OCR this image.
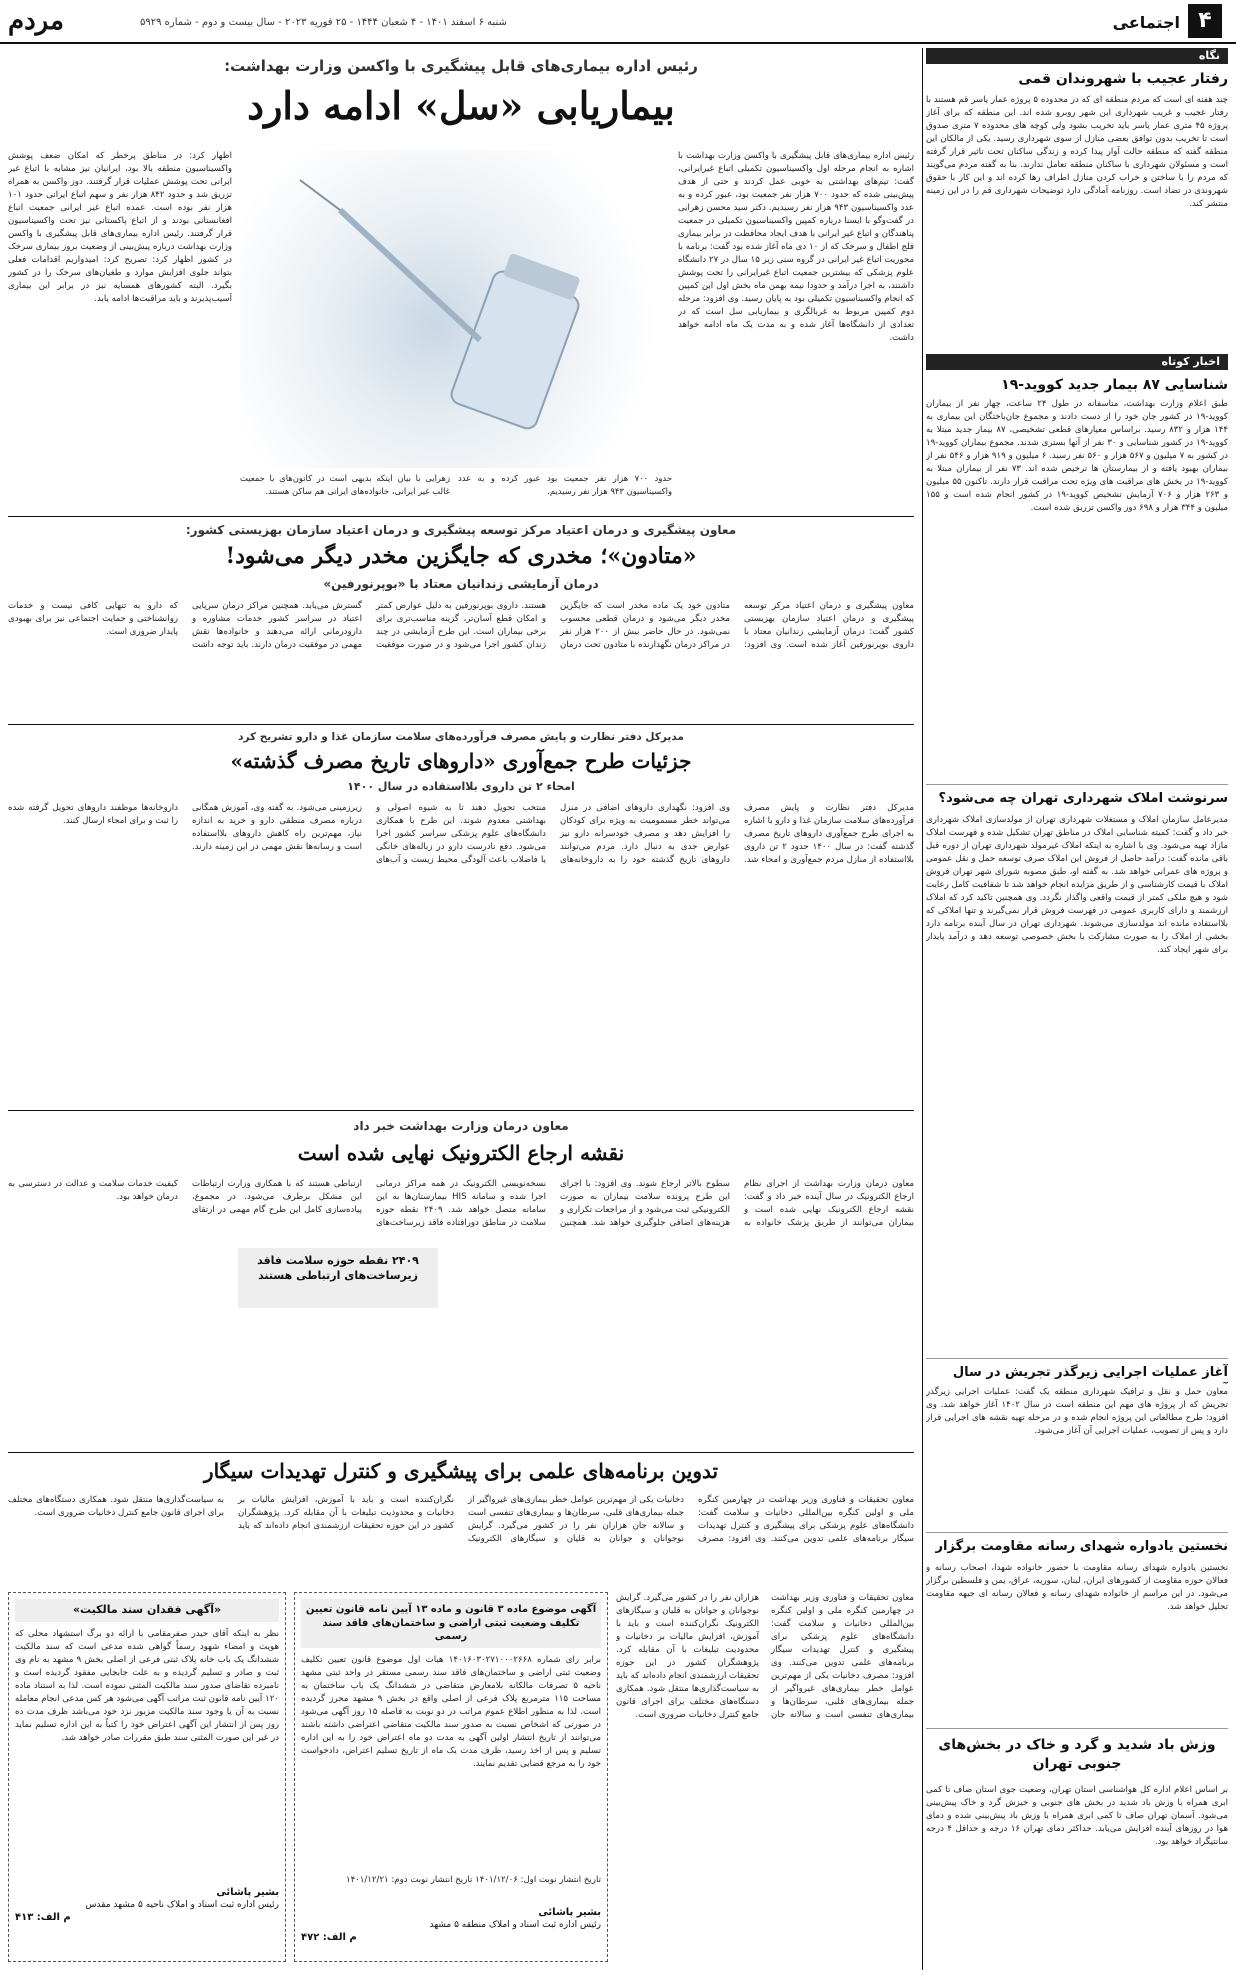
مردم	شنبه ۶ اسفند ۱۴۰۱ - ۴ شعبان ۱۴۴۴ - ۲۵ فوریه ۲۰۲۳ - سال بیست و دوم - شماره ۵۹۲۹	۴
اجتماعی
نگاه
رفتار عجیب با شهروندان قمی
چند هفته ای است که مردم منطقه ای که در محدوده ۵ پروژه عمار یاسر قم هستند با رفتار عجیب و غریب شهرداری این شهر روبرو شده اند. این منطقه که برای آغاز پروژه ۴۵ متری عمار یاسر باید تخریب بشود ولی کوچه های محدوده ۷ متری صدوق است تا تخریب بدون توافق بعضی منازل از سوی شهرداری رسید. یکی از مالکان این منطقه گفته که منطقه حالت آوار پیدا کرده و زندگی ساکنان تحت تاثیر قرار گرفته است و مسئولان شهرداری با ساکنان منطقه تعامل ندارند. بنا به گفته مردم می‌گویند که مردم را با ساختن و خراب کردن منازل اطراف رها کرده اند و این کار با حقوق شهروندی در تضاد است. روزنامه آمادگی دارد توضیحات شهرداری قم را در این زمینه منتشر کند.
اخبار کوتاه
شناسایی ۸۷ بیمار جدید کووید-۱۹
طبق اعلام وزارت بهداشت، متاسفانه در طول ۲۴ ساعت، چهار نفر از بیماران کووید-۱۹ در کشور جان خود را از دست دادند و مجموع جان‌باختگان این بیماری به ۱۴۴ هزار و ۸۳۲ رسید. براساس معیارهای قطعی تشخیصی، ۸۷ بیمار جدید مبتلا به کووید-۱۹ در کشور شناسایی و ۳۰ نفر از آنها بستری شدند. مجموع بیماران کووید-۱۹ در کشور به ۷ میلیون و ۵۶۷ هزار و ۵۶۰ نفر رسید. ۶ میلیون و ۹۱۹ هزار و ۵۴۶ نفر از بیماران بهبود یافته و از بیمارستان ها ترخیص شده اند. ۷۳ نفر از بیماران مبتلا به کووید-۱۹ در بخش های مراقبت های ویژه تحت مراقبت قرار دارند. تاکنون ۵۵ میلیون و ۲۶۳ هزار و ۷۰۶ آزمایش تشخیص کووید-۱۹ در کشور انجام شده است و ۱۵۵ میلیون و ۳۴۴ هزار و ۶۹۸ دوز واکسن تزریق شده است.
سرنوشت املاک شهرداری تهران چه می‌شود؟
مدیرعامل سازمان املاک و مستغلات شهرداری تهران از مولدسازی املاک شهرداری خبر داد و گفت: کمیته شناسایی املاک در مناطق تهران تشکیل شده و فهرست املاک مازاد تهیه می‌شود. وی با اشاره به اینکه املاک غیرمولد شهرداری تهران از دوره قبل باقی مانده گفت: درآمد حاصل از فروش این املاک صرف توسعه حمل و نقل عمومی و پروژه های عمرانی خواهد شد. به گفته او، طبق مصوبه شورای شهر تهران فروش املاک با قیمت کارشناسی و از طریق مزایده انجام خواهد شد تا شفافیت کامل رعایت شود و هیچ ملکی کمتر از قیمت واقعی واگذار نگردد. وی همچنین تاکید کرد که املاک ارزشمند و دارای کاربری عمومی در فهرست فروش قرار نمی‌گیرند و تنها املاکی که بلااستفاده مانده اند مولدسازی می‌شوند. شهرداری تهران در سال آینده برنامه دارد بخشی از املاک را به صورت مشارکت با بخش خصوصی توسعه دهد و درآمد پایدار برای شهر ایجاد کند.
آغاز عملیات اجرایی زیرگذر تجریش در سال
معاون حمل و نقل و ترافیک شهرداری منطقه یک گفت: عملیات اجرایی زیرگذر تجریش که از پروژه های مهم این منطقه است در سال ۱۴۰۲ آغاز خواهد شد. وی افزود: طرح مطالعاتی این پروژه انجام شده و در مرحله تهیه نقشه های اجرایی قرار دارد و پس از تصویب، عملیات اجرایی آن آغاز می‌شود.
نخستین یادواره شهدای رسانه مقاومت برگزار
نخستین یادواره شهدای رسانه مقاومت با حضور خانواده شهدا، اصحاب رسانه و فعالان حوزه مقاومت از کشورهای ایران، لبنان، سوریه، عراق، یمن و فلسطین برگزار می‌شود. در این مراسم از خانواده شهدای رسانه و فعالان رسانه ای جبهه مقاومت تجلیل خواهد شد.
وزش باد شدید و گرد و خاک در بخش‌های جنوبی تهران
بر اساس اعلام اداره کل هواشناسی استان تهران، وضعیت جوی استان صاف تا کمی ابری همراه با وزش باد شدید در بخش های جنوبی و خیزش گرد و خاک پیش‌بینی می‌شود. آسمان تهران صاف تا کمی ابری همراه با وزش باد پیش‌بینی شده و دمای هوا در روزهای آینده افزایش می‌یابد. حداکثر دمای تهران ۱۶ درجه و حداقل ۴ درجه سانتیگراد خواهد بود.
رئیس اداره بیماری‌های قابل پیشگیری با واکسن وزارت بهداشت:
بیماریابی «سل» ادامه دارد
رئیس اداره بیماری‌های قابل پیشگیری با واکسن وزارت بهداشت با اشاره به انجام مرحله اول واکسیناسیون تکمیلی اتباع غیرایرانی، گفت: تیم‌های بهداشتی به خوبی عمل کردند و حتی از هدف پیش‌بینی شده که حدود ۷۰۰ هزار نفر جمعیت بود، عبور کرده و به عدد واکسیناسیون ۹۴۳ هزار نفر رسیدیم. دکتر سید محسن زهرایی در گفت‌وگو با ایسنا درباره کمپین واکسیناسیون تکمیلی در جمعیت پناهندگان و اتباع غیر ایرانی با هدف ایجاد محافظت در برابر بیماری فلج اطفال و سرخک که از ۱۰ دی ماه آغاز شده بود گفت: برنامه با محوریت اتباع غیر ایرانی در گروه سنی زیر ۱۵ سال در ۲۷ دانشگاه علوم پزشکی که بیشترین جمعیت اتباع غیرایرانی را تحت پوشش داشتند، به اجرا درآمد و حدودا نیمه بهمن ماه بخش اول این کمپین که انجام واکسیناسیون تکمیلی بود به پایان رسید. وی افزود: مرحله دوم کمپین مربوط به غربالگری و بیماریابی سل است که در تعدادی از دانشگاه‌ها آغاز شده و به مدت یک ماه ادامه خواهد داشت.
حدود ۷۰۰ هزار نفر جمعیت بود عبور کرده و به عدد واکسیناسیون ۹۴۳ هزار نفر رسیدیم.
زهرایی با بیان اینکه بدیهی است در کانون‌های با جمعیت غالب غیر ایرانی، خانواده‌های ایرانی هم ساکن هستند.
اظهار کرد: در مناطق پرخطر که امکان ضعف پوشش واکسیناسیون منطقه بالا بود، ایرانیان نیز مشابه با اتباع غیر ایرانی تحت پوشش عملیات قرار گرفتند. دوز واکسن به همراه تزریق شد و حدود ۸۴۲ هزار نفر و سهم اتباع ایرانی حدود ۱۰۱ هزار نفر بوده است. عمده اتباع غیر ایرانی جمعیت اتباع افغانستانی بودند و از اتباع پاکستانی نیز تحت واکسیناسیون قرار گرفتند. رئیس اداره بیماری‌های قابل پیشگیری با واکسن وزارت بهداشت درباره پیش‌بینی از وضعیت بروز بیماری سرخک در کشور اظهار کرد: تصریح کرد: امیدواریم اقدامات فعلی بتواند جلوی افزایش موارد و طغیان‌های سرخک را در کشور بگیرد. البته کشورهای همسایه نیز در برابر این بیماری آسیب‌پذیرند و باید مراقبت‌ها ادامه یابد.
معاون پیشگیری و درمان اعتیاد مرکز توسعه پیشگیری و درمان اعتیاد سازمان بهزیستی کشور:
«متادون»؛ مخدری که جایگزین مخدر دیگر می‌شود!
درمان آزمایشی زندانیان معتاد با «بوپرنورفین»
معاون پیشگیری و درمان اعتیاد مرکز توسعه پیشگیری و درمان اعتیاد سازمان بهزیستی کشور گفت: درمان آزمایشی زندانیان معتاد با داروی بوپرنورفین آغاز شده است. وی افزود: متادون خود یک ماده مخدر است که جایگزین مخدر دیگر می‌شود و درمان قطعی محسوب نمی‌شود. در حال حاضر بیش از ۲۰۰ هزار نفر در مراکز درمان نگهدارنده با متادون تحت درمان هستند. داروی بوپرنورفین به دلیل عوارض کمتر و امکان قطع آسان‌تر، گزینه مناسب‌تری برای برخی بیماران است. این طرح آزمایشی در چند زندان کشور اجرا می‌شود و در صورت موفقیت گسترش می‌یابد. همچنین مراکز درمان سرپایی اعتیاد در سراسر کشور خدمات مشاوره و دارودرمانی ارائه می‌دهند و خانواده‌ها نقش مهمی در موفقیت درمان دارند. باید توجه داشت که دارو به تنهایی کافی نیست و خدمات روانشناختی و حمایت اجتماعی نیز برای بهبودی پایدار ضروری است.
مدیرکل دفتر نظارت و پایش مصرف فرآورده‌های سلامت سازمان غذا و دارو تشریح کرد
جزئیات طرح جمع‌آوری «داروهای تاریخ مصرف گذشته»
امحاء ۲ تن داروی بلااستفاده در سال ۱۴۰۰
مدیرکل دفتر نظارت و پایش مصرف فرآورده‌های سلامت سازمان غذا و دارو با اشاره به اجرای طرح جمع‌آوری داروهای تاریخ مصرف گذشته گفت: در سال ۱۴۰۰ حدود ۲ تن داروی بلااستفاده از منازل مردم جمع‌آوری و امحاء شد. وی افزود: نگهداری داروهای اضافی در منزل می‌تواند خطر مسمومیت به ویژه برای کودکان را افزایش دهد و مصرف خودسرانه دارو نیز عوارض جدی به دنبال دارد. مردم می‌توانند داروهای تاریخ گذشته خود را به داروخانه‌های منتخب تحویل دهند تا به شیوه اصولی و بهداشتی معدوم شوند. این طرح با همکاری دانشگاه‌های علوم پزشکی سراسر کشور اجرا می‌شود. دفع نادرست دارو در زباله‌های خانگی یا فاضلاب باعث آلودگی محیط زیست و آب‌های زیرزمینی می‌شود. به گفته وی، آموزش همگانی درباره مصرف منطقی دارو و خرید به اندازه نیاز، مهم‌ترین راه کاهش داروهای بلااستفاده است و رسانه‌ها نقش مهمی در این زمینه دارند. داروخانه‌ها موظفند داروهای تحویل گرفته شده را ثبت و برای امحاء ارسال کنند.
معاون درمان وزارت بهداشت خبر داد
نقشه ارجاع الکترونیک نهایی شده است
معاون درمان وزارت بهداشت از اجرای نظام ارجاع الکترونیک در سال آینده خبر داد و گفت: نقشه ارجاع الکترونیک نهایی شده است و بیماران می‌توانند از طریق پزشک خانواده به سطوح بالاتر ارجاع شوند. وی افزود: با اجرای این طرح پرونده سلامت بیماران به صورت الکترونیکی ثبت می‌شود و از مراجعات تکراری و هزینه‌های اضافی جلوگیری خواهد شد. همچنین نسخه‌نویسی الکترونیک در همه مراکز درمانی اجرا شده و سامانه HIS بیمارستان‌ها به این سامانه متصل خواهد شد. ۲۴۰۹ نقطه حوزه سلامت در مناطق دورافتاده فاقد زیرساخت‌های ارتباطی هستند که با همکاری وزارت ارتباطات این مشکل برطرف می‌شود. در مجموع، پیاده‌سازی کامل این طرح گام مهمی در ارتقای کیفیت خدمات سلامت و عدالت در دسترسی به درمان خواهد بود.
۲۴۰۹ نقطه حوزه سلامت فاقد زیرساخت‌های ارتباطی هستند
تدوین برنامه‌های علمی برای پیشگیری و کنترل تهدیدات سیگار
معاون تحقیقات و فناوری وزیر بهداشت در چهارمین کنگره ملی و اولین کنگره بین‌المللی دخانیات و سلامت گفت: دانشگاه‌های علوم پزشکی برای پیشگیری و کنترل تهدیدات سیگار برنامه‌های علمی تدوین می‌کنند. وی افزود: مصرف دخانیات یکی از مهم‌ترین عوامل خطر بیماری‌های غیرواگیر از جمله بیماری‌های قلبی، سرطان‌ها و بیماری‌های تنفسی است و سالانه جان هزاران نفر را در کشور می‌گیرد. گرایش نوجوانان و جوانان به قلیان و سیگارهای الکترونیک نگران‌کننده است و باید با آموزش، افزایش مالیات بر دخانیات و محدودیت تبلیغات با آن مقابله کرد. پژوهشگران کشور در این حوزه تحقیقات ارزشمندی انجام داده‌اند که باید به سیاست‌گذاری‌ها منتقل شود. همکاری دستگاه‌های مختلف برای اجرای قانون جامع کنترل دخانیات ضروری است.
آگهی موضوع ماده ۳ قانون و ماده ۱۳ آیین نامه قانون تعیین تکلیف وضعیت ثبتی اراضی و ساختمان‌های فاقد سند رسمی
برابر رای شماره ۱۴۰۱۶۰۳۰۲۷۱۰۰۰۲۶۶۸ هیات اول موضوع قانون تعیین تکلیف وضعیت ثبتی اراضی و ساختمان‌های فاقد سند رسمی مستقر در واحد ثبتی مشهد ناحیه ۵ تصرفات مالکانه بلامعارض متقاضی در ششدانگ یک باب ساختمان به مساحت ۱۱۵ مترمربع پلاک فرعی از اصلی واقع در بخش ۹ مشهد محرز گردیده است. لذا به منظور اطلاع عموم مراتب در دو نوبت به فاصله ۱۵ روز آگهی می‌شود در صورتی که اشخاص نسبت به صدور سند مالکیت متقاضی اعتراضی داشته باشند می‌توانند از تاریخ انتشار اولین آگهی به مدت دو ماه اعتراض خود را به این اداره تسلیم و پس از اخذ رسید، ظرف مدت یک ماه از تاریخ تسلیم اعتراض، دادخواست خود را به مرجع قضایی تقدیم نمایند.
تاریخ انتشار نوبت اول: ۱۴۰۱/۱۲/۰۶ تاریخ انتشار نوبت دوم: ۱۴۰۱/۱۲/۲۱
بشیر پاشائی
رئیس اداره ثبت اسناد و املاک منطقه ۵ مشهد
م الف: ۴۷۲
«آگهی فقدان سند مالکیت»
نظر به اینکه آقای حیدر صفرمقامی با ارائه دو برگ استشهاد محلی که هویت و امضاء شهود رسماً گواهی شده مدعی است که سند مالکیت ششدانگ یک باب خانه پلاک ثبتی فرعی از اصلی بخش ۹ مشهد به نام وی ثبت و صادر و تسلیم گردیده و به علت جابجایی مفقود گردیده است و نامبرده تقاضای صدور سند مالکیت المثنی نموده است. لذا به استناد ماده ۱۲۰ آیین نامه قانون ثبت مراتب آگهی می‌شود هر کس مدعی انجام معامله نسبت به آن یا وجود سند مالکیت مزبور نزد خود می‌باشد ظرف مدت ده روز پس از انتشار این آگهی اعتراض خود را کتباً به این اداره تسلیم نماید در غیر این صورت المثنی سند طبق مقررات صادر خواهد شد.
بشیر پاشائی
رئیس اداره ثبت اسناد و املاک ناحیه ۵ مشهد مقدس
م الف: ۴۱۳
معاون تحقیقات و فناوری وزیر بهداشت در چهارمین کنگره ملی و اولین کنگره بین‌المللی دخانیات و سلامت گفت: دانشگاه‌های علوم پزشکی برای پیشگیری و کنترل تهدیدات سیگار برنامه‌های علمی تدوین می‌کنند. وی افزود: مصرف دخانیات یکی از مهم‌ترین عوامل خطر بیماری‌های غیرواگیر از جمله بیماری‌های قلبی، سرطان‌ها و بیماری‌های تنفسی است و سالانه جان هزاران نفر را در کشور می‌گیرد. گرایش نوجوانان و جوانان به قلیان و سیگارهای الکترونیک نگران‌کننده است و باید با آموزش، افزایش مالیات بر دخانیات و محدودیت تبلیغات با آن مقابله کرد. پژوهشگران کشور در این حوزه تحقیقات ارزشمندی انجام داده‌اند که باید به سیاست‌گذاری‌ها منتقل شود. همکاری دستگاه‌های مختلف برای اجرای قانون جامع کنترل دخانیات ضروری است.
